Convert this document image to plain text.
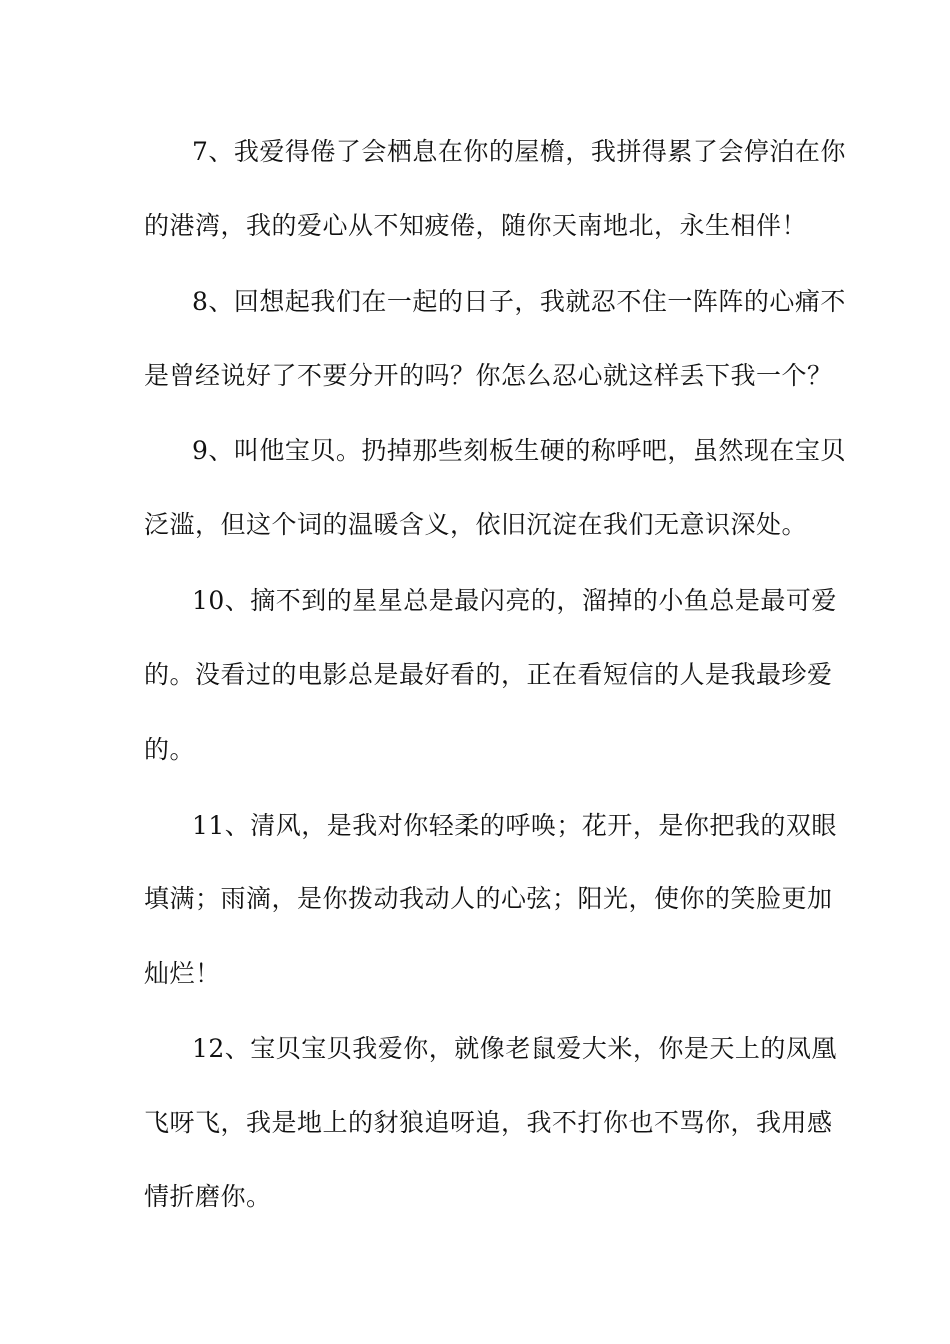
7、我爱得倦了会栖息在你的屋檐，我拼得累了会停泊在你
的港湾，我的爱心从不知疲倦，随你天南地北，永生相伴！
8、回想起我们在一起的日子，我就忍不住一阵阵的心痛不
是曾经说好了不要分开的吗？你怎么忍心就这样丢下我一个？
9、叫他宝贝。扔掉那些刻板生硬的称呼吧，虽然现在宝贝
泛滥，但这个词的温暖含义，依旧沉淀在我们无意识深处。
10、摘不到的星星总是最闪亮的，溜掉的小鱼总是最可爱
的。没看过的电影总是最好看的，正在看短信的人是我最珍爱
的。
11、清风，是我对你轻柔的呼唤；花开，是你把我的双眼
填满；雨滴，是你拨动我动人的心弦；阳光，使你的笑脸更加
灿烂！
12、宝贝宝贝我爱你，就像老鼠爱大米，你是天上的凤凰
飞呀飞，我是地上的豺狼追呀追，我不打你也不骂你，我用感
情折磨你。
